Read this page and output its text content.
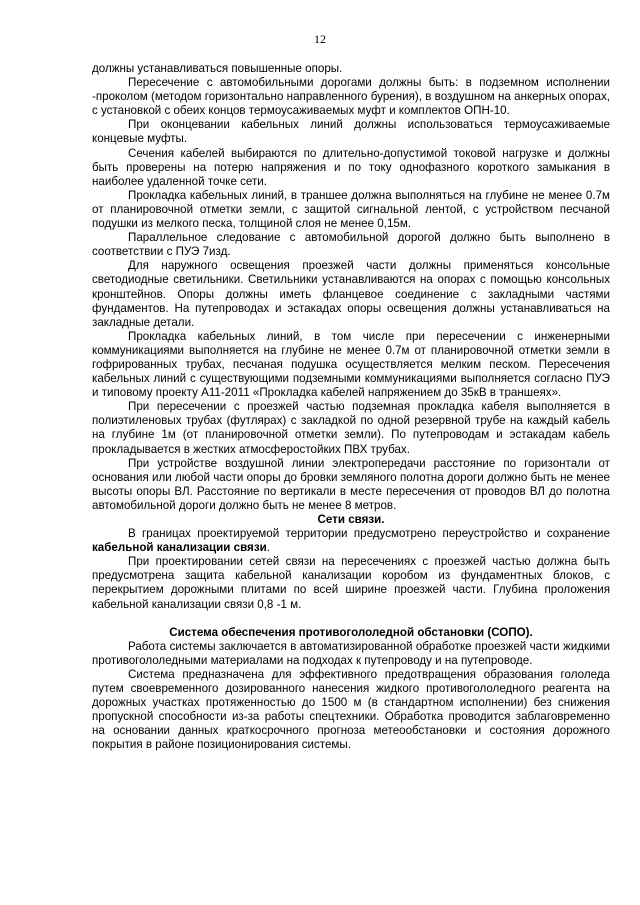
12

должны устанавливаться повышенные опоры.

Пересечение с автомобильными дорогами должны быть: в подземном исполнении -проколом (методом горизонтально направленного бурения), в воздушном на анкерных опорах, с установкой с обеих концов термоусаживаемых муфт и комплектов ОПН-10.

При оконцевании кабельных линий должны использоваться термоусаживаемые концевые муфты.

Сечения кабелей выбираются по длительно-допустимой токовой нагрузке и должны быть проверены на потерю напряжения и по току однофазного короткого замыкания в наиболее удаленной точке сети.

Прокладка кабельных линий, в траншее должна выполняться на глубине не менее 0.7м от планировочной отметки земли, с защитой сигнальной лентой, с устройством песчаной подушки из мелкого песка, толщиной слоя не менее 0,15м.

Параллельное следование с автомобильной дорогой должно быть выполнено в соответствии с ПУЭ 7изд.

Для наружного освещения проезжей части должны применяться консольные светодиодные светильники. Светильники устанавливаются на опорах с помощью консольных кронштейнов. Опоры должны иметь фланцевое соединение с закладными частями фундаментов. На путепроводах и эстакадах опоры освещения должны устанавливаться на закладные детали.

Прокладка кабельных линий, в том числе при пересечении с инженерными коммуникациями выполняется на глубине не менее 0.7м от планировочной отметки земли в гофрированных трубах, песчаная подушка осуществляется мелким песком. Пересечения кабельных линий с существующими подземными коммуникациями выполняется согласно ПУЭ и типовому проекту А11-2011 «Прокладка кабелей напряжением до 35кВ в траншеях».

При пересечении с проезжей частью подземная прокладка кабеля выполняется в полиэтиленовых трубах (футлярах) с закладкой по одной резервной трубе на каждый кабель на глубине 1м (от планировочной отметки земли). По путепроводам и эстакадам кабель прокладывается в жестких атмосферостойких ПВХ трубах.

При устройстве воздушной линии электропередачи расстояние по горизонтали от основания или любой части опоры до бровки земляного полотна дороги должно быть не менее высоты опоры ВЛ. Расстояние по вертикали в месте пересечения от проводов ВЛ до полотна автомобильной дороги должно быть не менее 8 метров.

Сети связи.

В границах проектируемой территории предусмотрено переустройство и сохранение кабельной канализации связи.

При проектировании сетей связи на пересечениях с проезжей частью должна быть предусмотрена защита кабельной канализации коробом из фундаментных блоков, с перекрытием дорожными плитами по всей ширине проезжей части. Глубина проложения кабельной канализации связи 0,8 -1 м.

Система обеспечения противогололедной обстановки (СОПО).

Работа системы заключается в автоматизированной обработке проезжей части жидкими противогололедными материалами на подходах к путепроводу и на путепроводе.

Система предназначена для эффективного предотвращения образования гололеда путем своевременного дозированного нанесения жидкого противогололедного реагента на дорожных участках протяженностью до 1500 м (в стандартном исполнении) без снижения пропускной способности из-за работы спецтехники. Обработка проводится заблаговременно на основании данных краткосрочного прогноза метеообстановки и состояния дорожного покрытия в районе позиционирования системы.
